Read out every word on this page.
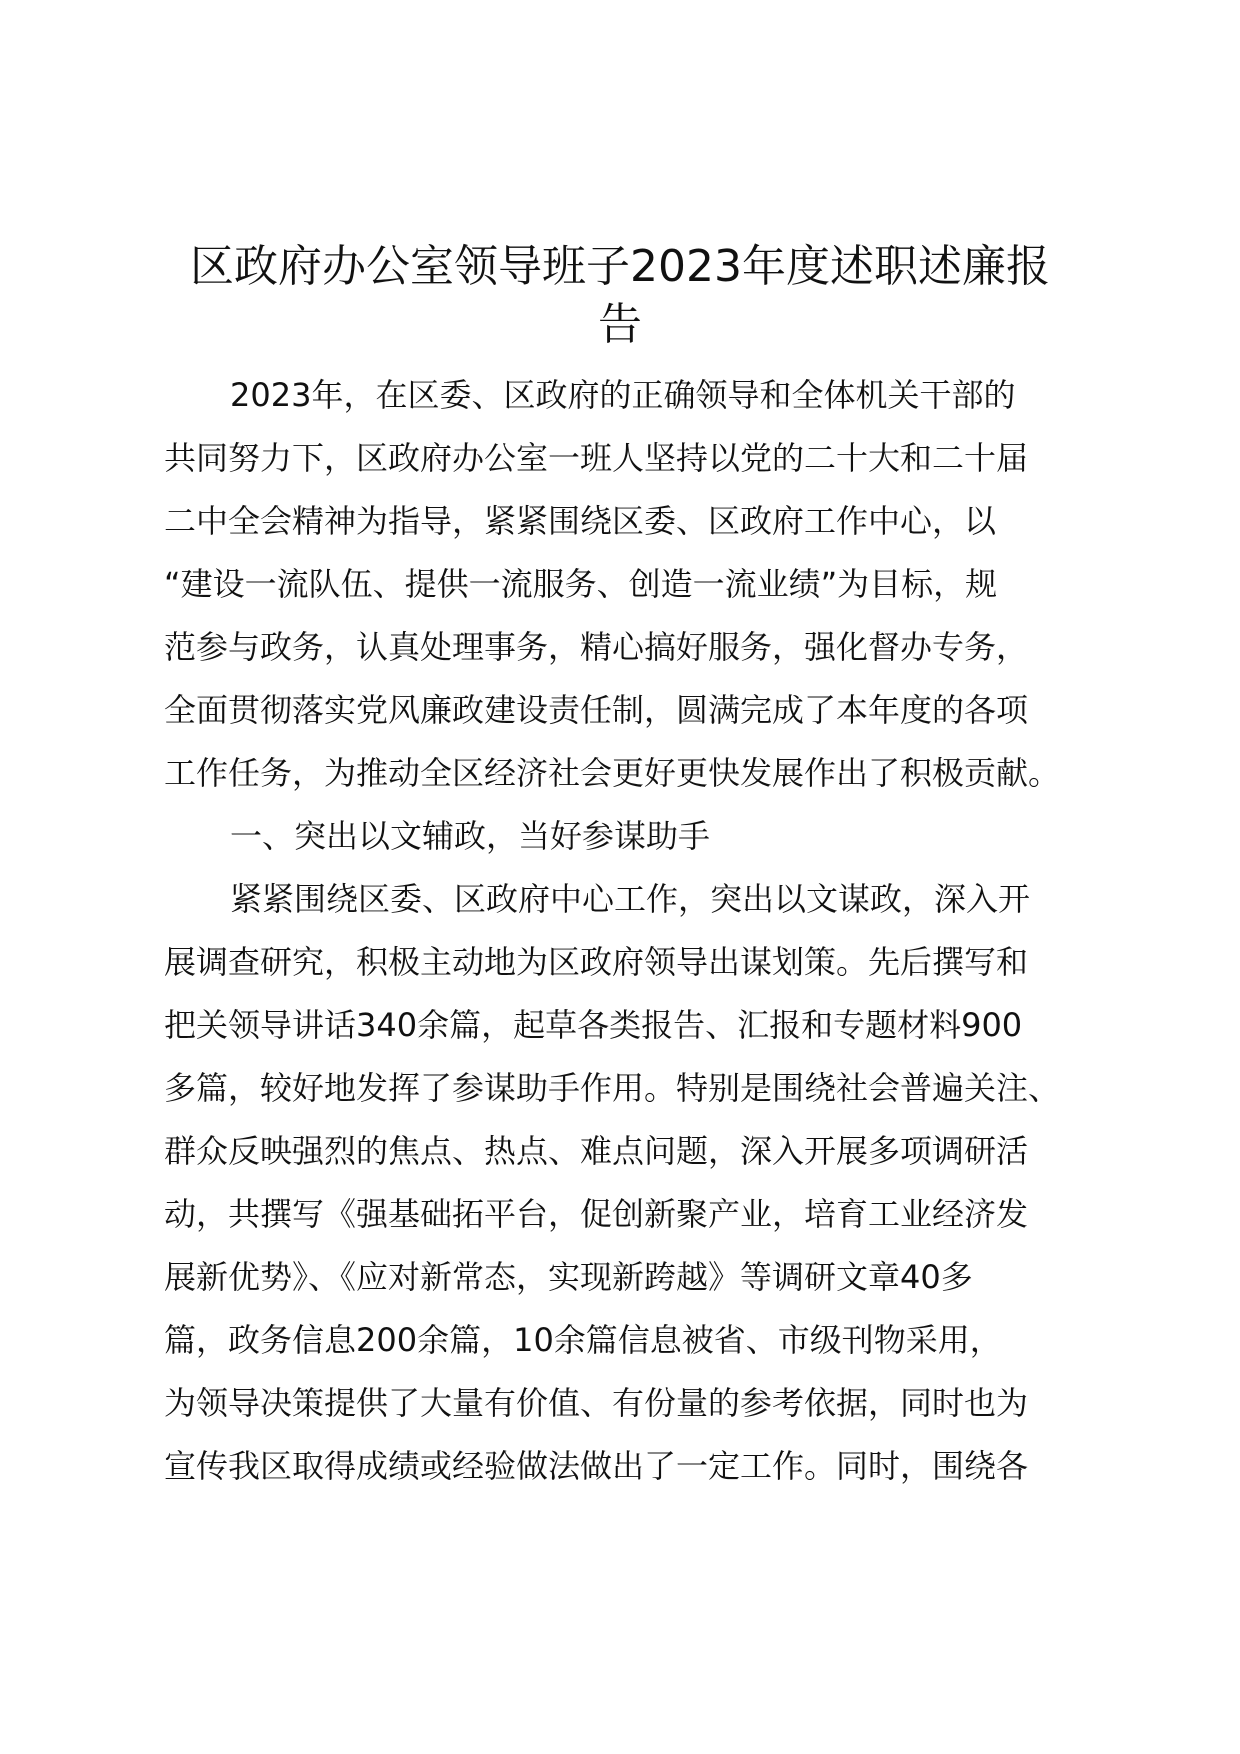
区政府办公室领导班子2023年度述职述廉报
告

2023年，在区委、区政府的正确领导和全体机关干部的

共同努力下，区政府办公室一班人坚持以党的二十大和二十届

二中全会精神为指导，紧紧围绕区委、区政府工作中心，以

“建设一流队伍、提供一流服务、创造一流业绩”为目标，规

范参与政务，认真处理事务，精心搞好服务，强化督办专务，

全面贯彻落实党风廉政建设责任制，圆满完成了本年度的各项

工作任务，为推动全区经济社会更好更快发展作出了积极贡献。

一、突出以文辅政，当好参谋助手

紧紧围绕区委、区政府中心工作，突出以文谋政，深入开

展调查研究，积极主动地为区政府领导出谋划策。先后撰写和

把关领导讲话340余篇，起草各类报告、汇报和专题材料900

多篇，较好地发挥了参谋助手作用。特别是围绕社会普遍关注、

群众反映强烈的焦点、热点、难点问题，深入开展多项调研活

动，共撰写《强基础拓平台，促创新聚产业，培育工业经济发

展新优势》、《应对新常态，实现新跨越》等调研文章40多

篇，政务信息200余篇，10余篇信息被省、市级刊物采用，

为领导决策提供了大量有价值、有份量的参考依据，同时也为

宣传我区取得成绩或经验做法做出了一定工作。同时，围绕各
